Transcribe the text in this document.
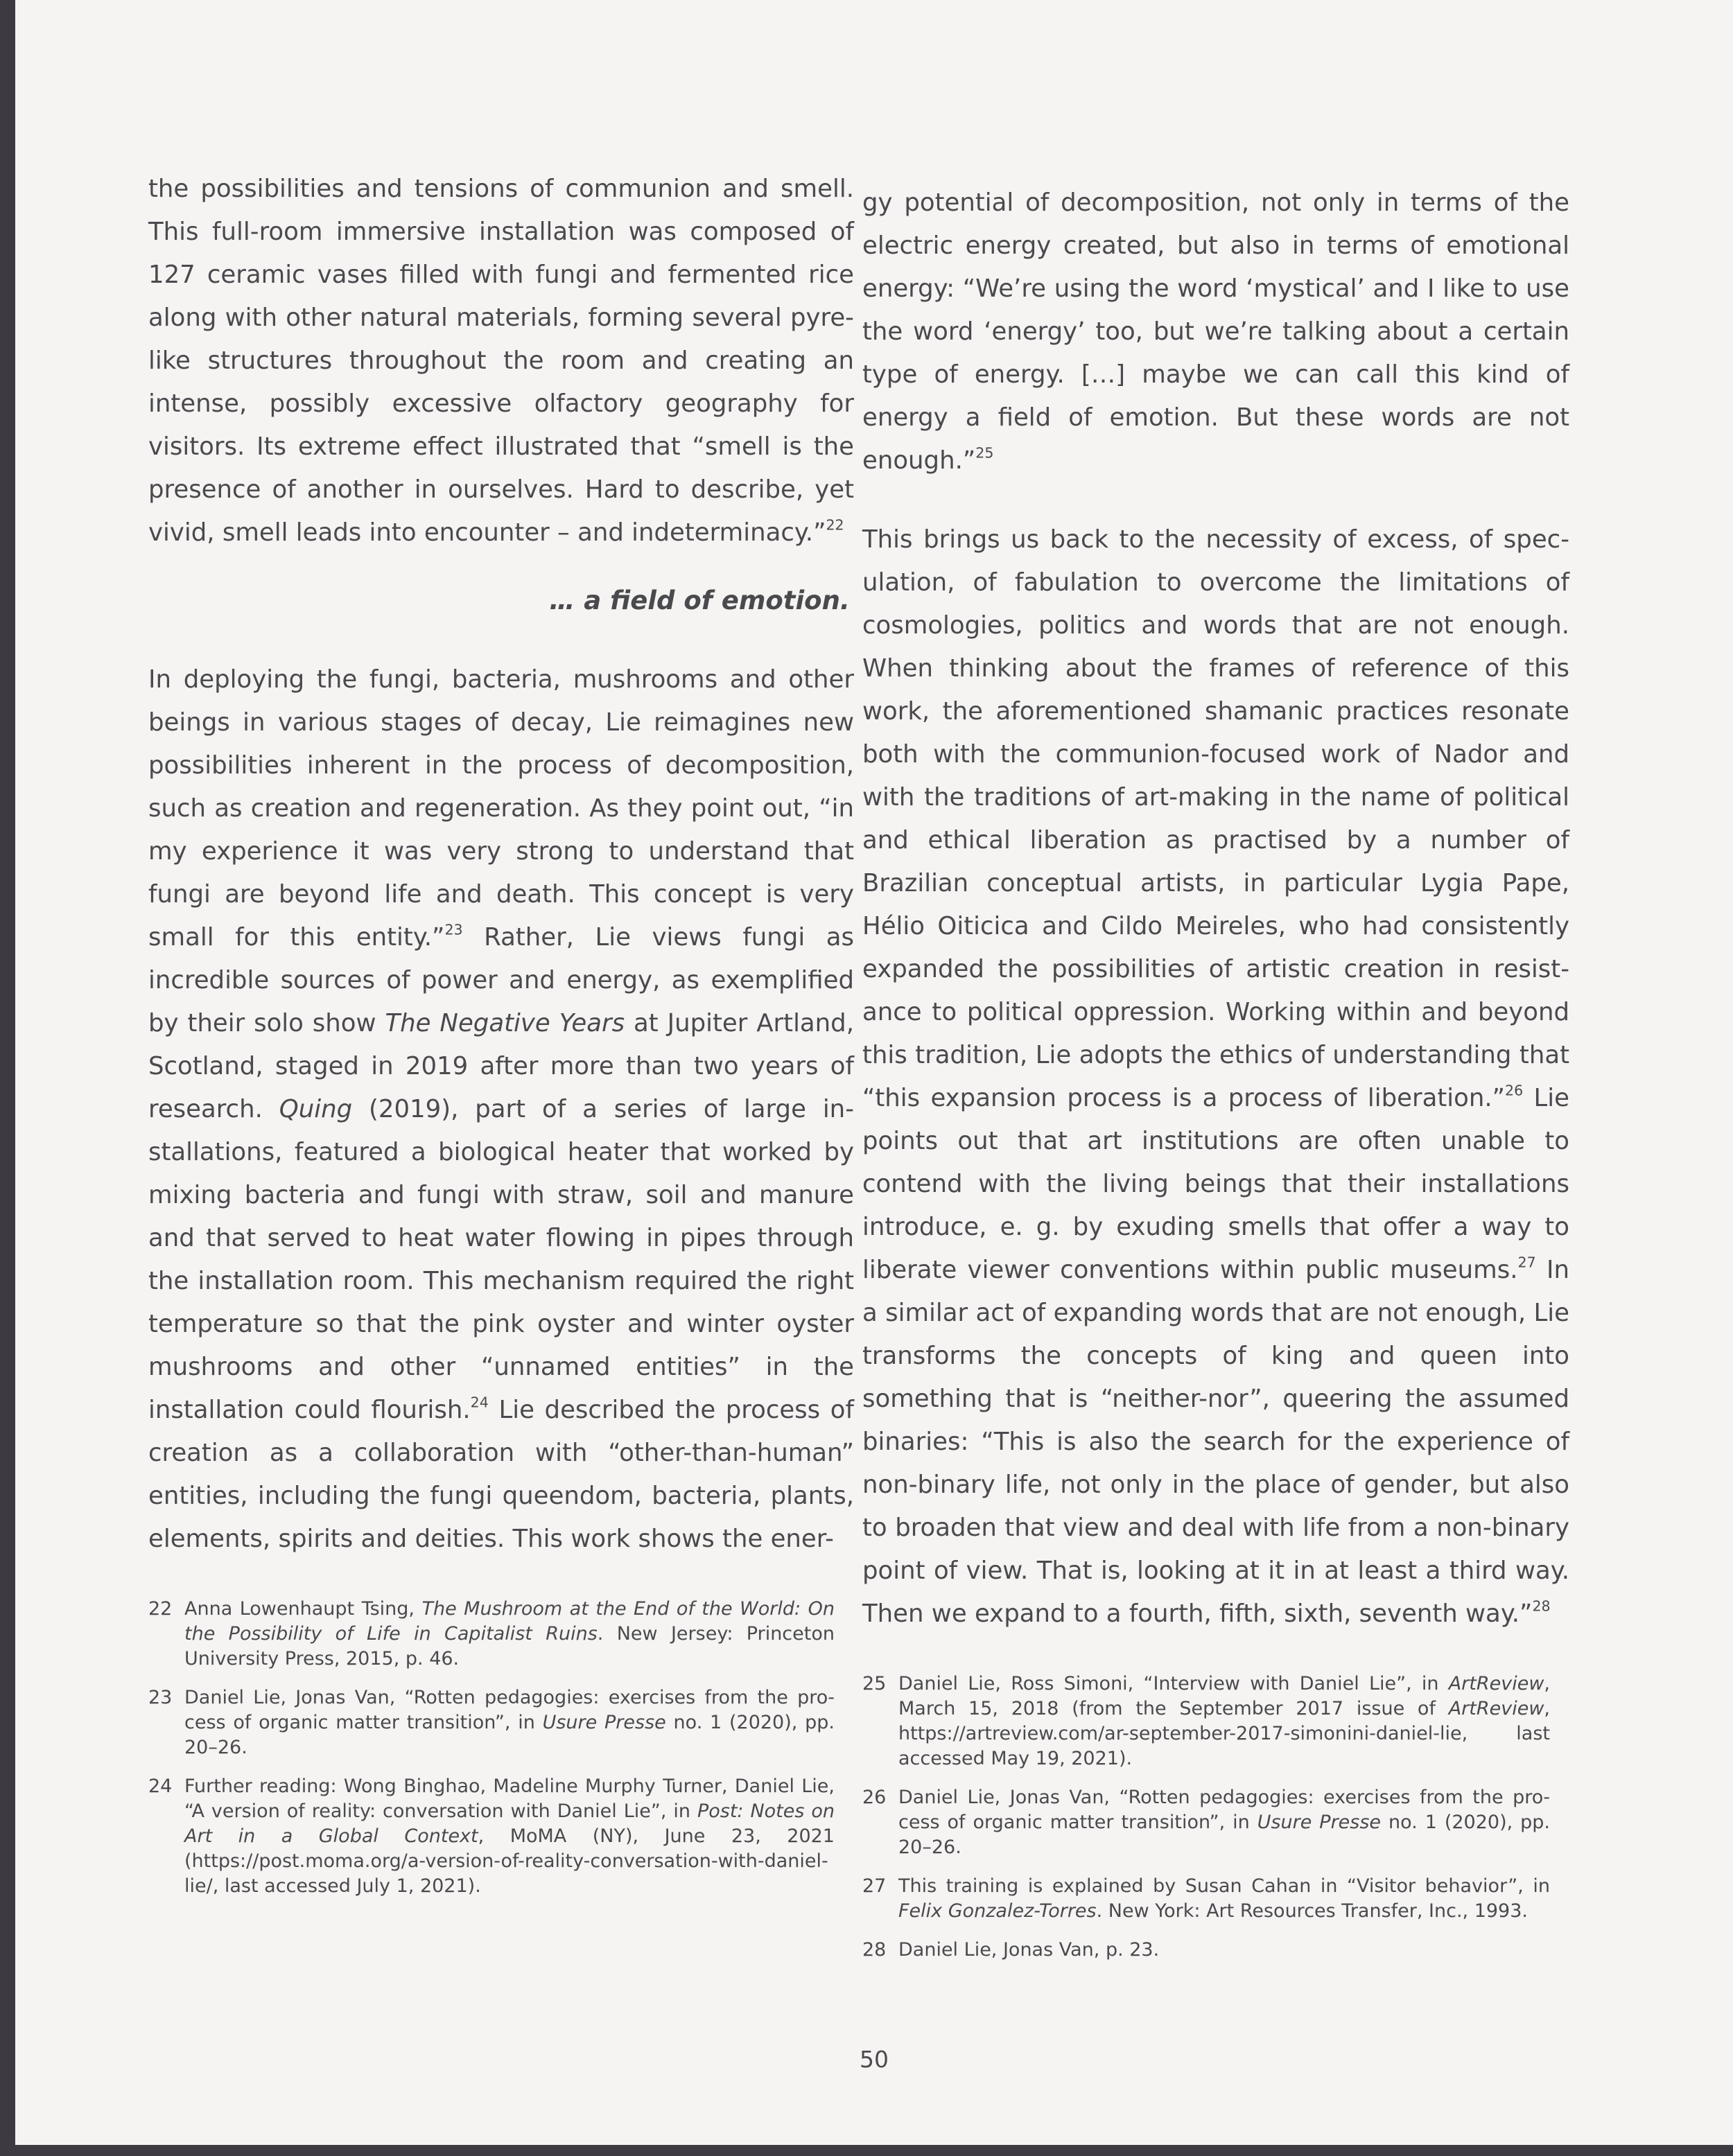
the possibilities and tensions of communion and smell. This full-room immersive installation was composed of 127 ceramic vases filled with fungi and fermented rice along with other natural materials, forming several pyre-like structures throughout the room and creating an intense, possibly excessive olfactory geography for visitors. Its extreme effect illustrated that “smell is the presence of another in ourselves. Hard to describe, yet vivid, smell leads into encounter – and indeterminacy.”$^{22}$

… a field of emotion.

In deploying the fungi, bacteria, mushrooms and other beings in various stages of decay, Lie reimagines new possibilities inherent in the process of decomposition, such as creation and regeneration. As they point out, “in my experience it was very strong to understand that fungi are beyond life and death. This concept is very small for this entity.”$^{23}$ Rather, Lie views fungi as incredible sources of power and energy, as exemplified by their solo show The Negative Years at Jupiter Artland, Scotland, staged in 2019 after more than two years of research. Quing (2019), part of a series of large installations, featured a biological heater that worked by mixing bacteria and fungi with straw, soil and manure and that served to heat water flowing in pipes through the installation room. This mechanism required the right temperature so that the pink oyster and winter oyster mushrooms and other “unnamed entities” in the installation could flourish.$^{24}$ Lie described the process of creation as a collaboration with “other-than-human” entities, including the fungi queendom, bacteria, plants, elements, spirits and deities. This work shows the ener-

22 Anna Lowenhaupt Tsing, The Mushroom at the End of the World: On the Possibility of Life in Capitalist Ruins. New Jersey: Princeton University Press, 2015, p. 46.
23 Daniel Lie, Jonas Van, “Rotten pedagogies: exercises from the process of organic matter transition”, in Usure Presse no. 1 (2020), pp. 20–26.
24 Further reading: Wong Binghao, Madeline Murphy Turner, Daniel Lie, “A version of reality: conversation with Daniel Lie”, in Post: Notes on Art in a Global Context, MoMA (NY), June 23, 2021 (https://post.moma.org/a-version-of-reality-conversation-with-daniel-lie/, last accessed July 1, 2021).

gy potential of decomposition, not only in terms of the electric energy created, but also in terms of emotional energy: “We’re using the word ‘mystical’ and I like to use the word ‘energy’ too, but we’re talking about a certain type of energy. […] maybe we can call this kind of energy a field of emotion. But these words are not enough.”$^{25}$

This brings us back to the necessity of excess, of speculation, of fabulation to overcome the limitations of cosmologies, politics and words that are not enough. When thinking about the frames of reference of this work, the aforementioned shamanic practices resonate both with the communion-focused work of Nador and with the traditions of art-making in the name of political and ethical liberation as practised by a number of Brazilian conceptual artists, in particular Lygia Pape, Hélio Oiticica and Cildo Meireles, who had consistently expanded the possibilities of artistic creation in resistance to political oppression. Working within and beyond this tradition, Lie adopts the ethics of understanding that “this expansion process is a process of liberation.”$^{26}$ Lie points out that art institutions are often unable to contend with the living beings that their installations introduce, e. g. by exuding smells that offer a way to liberate viewer conventions within public museums.$^{27}$ In a similar act of expanding words that are not enough, Lie transforms the concepts of king and queen into something that is “neither-nor”, queering the assumed binaries: “This is also the search for the experience of non-binary life, not only in the place of gender, but also to broaden that view and deal with life from a non-binary point of view. That is, looking at it in at least a third way. Then we expand to a fourth, fifth, sixth, seventh way.”$^{28}$

25 Daniel Lie, Ross Simoni, “Interview with Daniel Lie”, in ArtReview, March 15, 2018 (from the September 2017 issue of ArtReview, https://artreview.com/ar-september-2017-simonini-daniel-lie, last accessed May 19, 2021).
26 Daniel Lie, Jonas Van, “Rotten pedagogies: exercises from the process of organic matter transition”, in Usure Presse no. 1 (2020), pp. 20–26.
27 This training is explained by Susan Cahan in “Visitor behavior”, in Felix Gonzalez-Torres. New York: Art Resources Transfer, Inc., 1993.
28 Daniel Lie, Jonas Van, p. 23.
50
